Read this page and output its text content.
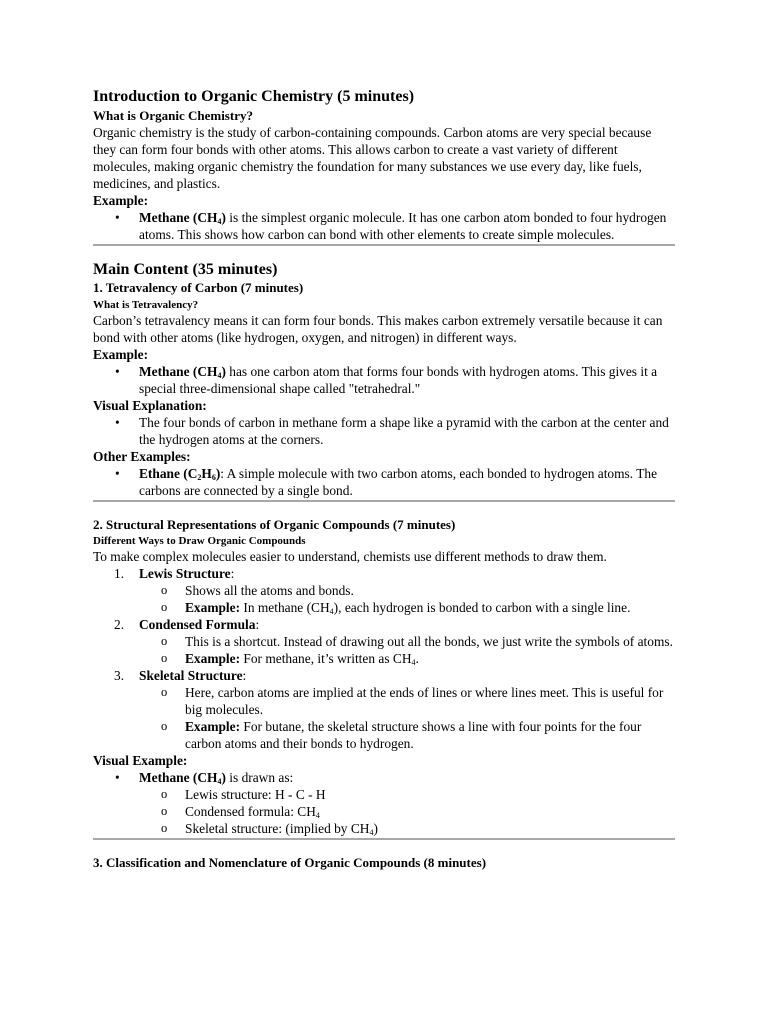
Introduction to Organic Chemistry (5 minutes)
What is Organic Chemistry?
Organic chemistry is the study of carbon-containing compounds. Carbon atoms are very special because they can form four bonds with other atoms. This allows carbon to create a vast variety of different molecules, making organic chemistry the foundation for many substances we use every day, like fuels, medicines, and plastics.
Example:
• Methane $(CH_4)$ is the simplest organic molecule. It has one carbon atom bonded to four hydrogen atoms. This shows how carbon can bond with other elements to create simple molecules.
Main Content (35 minutes)
1. Tetravalency of Carbon (7 minutes)
What is Tetravalency?
Carbon’s tetravalency means it can form four bonds. This makes carbon extremely versatile because it can bond with other atoms (like hydrogen, oxygen, and nitrogen) in different ways.
Example:
• Methane $(CH_4)$ has one carbon atom that forms four bonds with hydrogen atoms. This gives it a special three-dimensional shape called "tetrahedral."
Visual Explanation:
• The four bonds of carbon in methane form a shape like a pyramid with the carbon at the center and the hydrogen atoms at the corners.
Other Examples:
• Ethane $(C_2H_6)$: A simple molecule with two carbon atoms, each bonded to hydrogen atoms. The carbons are connected by a single bond.
2. Structural Representations of Organic Compounds (7 minutes)
Different Ways to Draw Organic Compounds
To make complex molecules easier to understand, chemists use different methods to draw them.
1. Lewis Structure:
o Shows all the atoms and bonds.
o Example: In methane $(CH_4)$, each hydrogen is bonded to carbon with a single line.
2. Condensed Formula:
o This is a shortcut. Instead of drawing out all the bonds, we just write the symbols of atoms.
o Example: For methane, it’s written as $CH_4$.
3. Skeletal Structure:
o Here, carbon atoms are implied at the ends of lines or where lines meet. This is useful for big molecules.
o Example: For butane, the skeletal structure shows a line with four points for the four carbon atoms and their bonds to hydrogen.
Visual Example:
• Methane $(CH_4)$ is drawn as:
o Lewis structure: H - C - H
o Condensed formula: $CH_4$
o Skeletal structure: (implied by $CH_4$)
3. Classification and Nomenclature of Organic Compounds (8 minutes)
